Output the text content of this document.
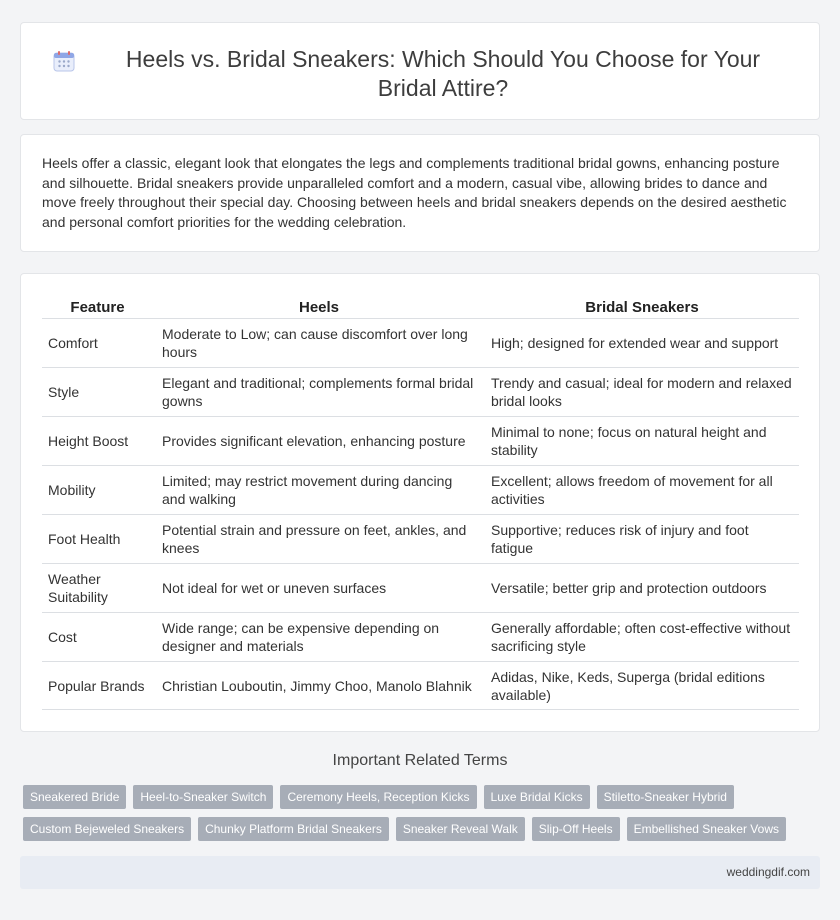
Heels vs. Bridal Sneakers: Which Should You Choose for Your Bridal Attire?

Heels offer a classic, elegant look that elongates the legs and complements traditional bridal gowns, enhancing posture and silhouette. Bridal sneakers provide unparalleled comfort and a modern, casual vibe, allowing brides to dance and move freely throughout their special day. Choosing between heels and bridal sneakers depends on the desired aesthetic and personal comfort priorities for the wedding celebration.

Feature		Heels		Bridal Sneakers
Comfort		Moderate to Low; can cause discomfort over long hours		High; designed for extended wear and support
Style		Elegant and traditional; complements formal bridal gowns		Trendy and casual; ideal for modern and relaxed bridal looks
Height Boost		Provides significant elevation, enhancing posture		Minimal to none; focus on natural height and stability
Mobility		Limited; may restrict movement during dancing and walking		Excellent; allows freedom of movement for all activities
Foot Health		Potential strain and pressure on feet, ankles, and knees		Supportive; reduces risk of injury and foot fatigue
Weather Suitability		Not ideal for wet or uneven surfaces		Versatile; better grip and protection outdoors
Cost		Wide range; can be expensive depending on designer and materials		Generally affordable; often cost-effective without sacrificing style
Popular Brands		Christian Louboutin, Jimmy Choo, Manolo Blahnik		Adidas, Nike, Keds, Superga (bridal editions available)
Important Related Terms
Sneakered Bride	Heel-to-Sneaker Switch	Ceremony Heels, Reception Kicks	Luxe Bridal Kicks	Stiletto-Sneaker Hybrid
Custom Bejeweled Sneakers	Chunky Platform Bridal Sneakers	Sneaker Reveal Walk	Slip-Off Heels	Embellished Sneaker Vows
weddingdif.com
